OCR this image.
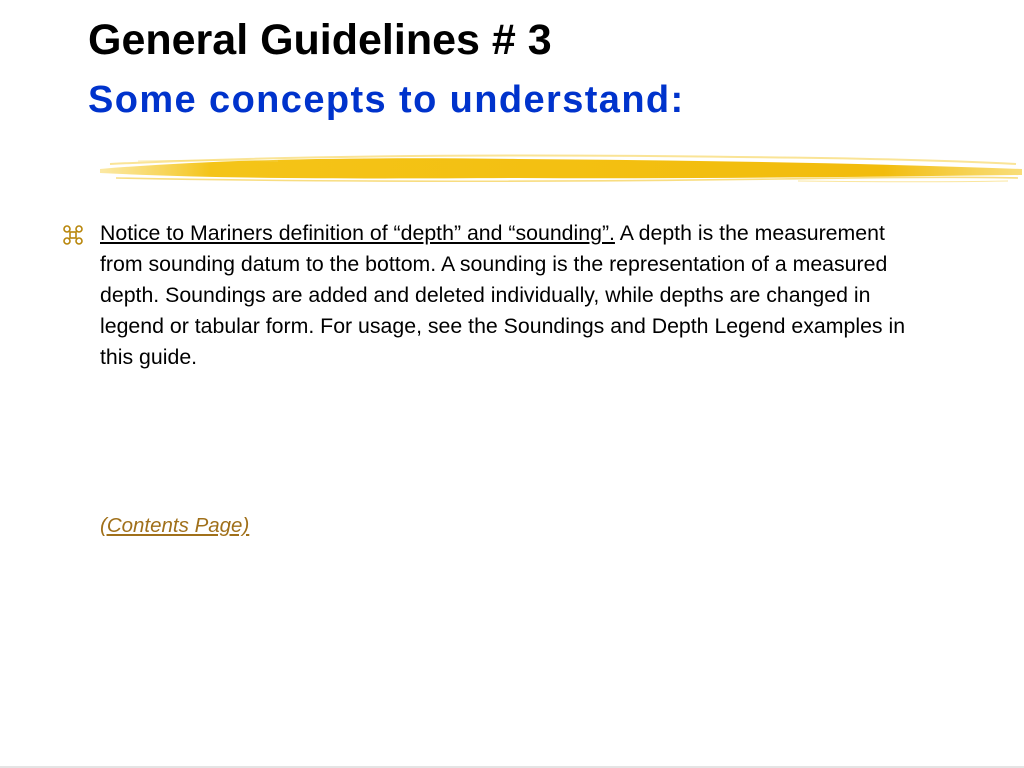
General Guidelines # 3
Some concepts to understand:

Notice to Mariners definition of “depth” and “sounding”. A depth is the measurement from sounding datum to the bottom. A sounding is the representation of a measured depth. Soundings are added and deleted individually, while depths are changed in legend or tabular form. For usage, see the Soundings and Depth Legend examples in this guide.

(Contents Page)
